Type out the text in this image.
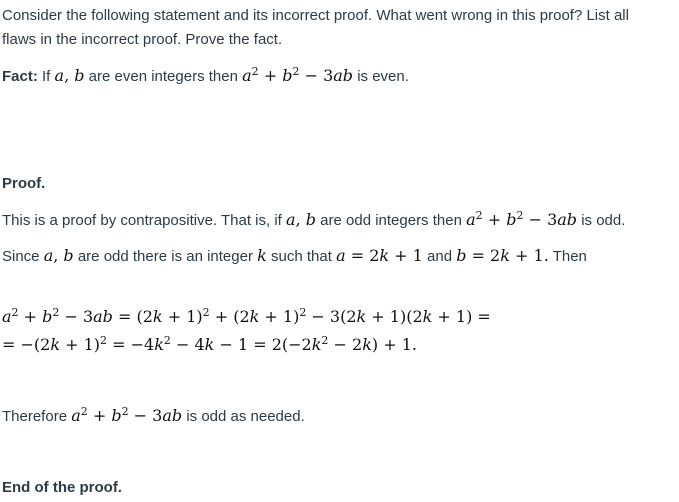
Consider the following statement and its incorrect proof. What went wrong in this proof? List all
flaws in the incorrect proof. Prove the fact.
Fact: If a, b are even integers then $a^2 + b^2 - 3ab$ is even.
Proof.
This is a proof by contrapositive. That is, if a, b are odd integers then $a^2 + b^2 - 3ab$ is odd.
Since a, b are odd there is an integer k such that a = 2k + 1 and b = 2k + 1. Then
$a^2 + b^2 - 3ab = (2k + 1)^2 + (2k + 1)^2 - 3(2k + 1)(2k + 1)$ =
= $-(2k + 1)^2 = -4k^2 - 4k - 1 = 2(-2k^2 - 2k) + 1$.
Therefore $a^2 + b^2 - 3ab$ is odd as needed.
End of the proof.
